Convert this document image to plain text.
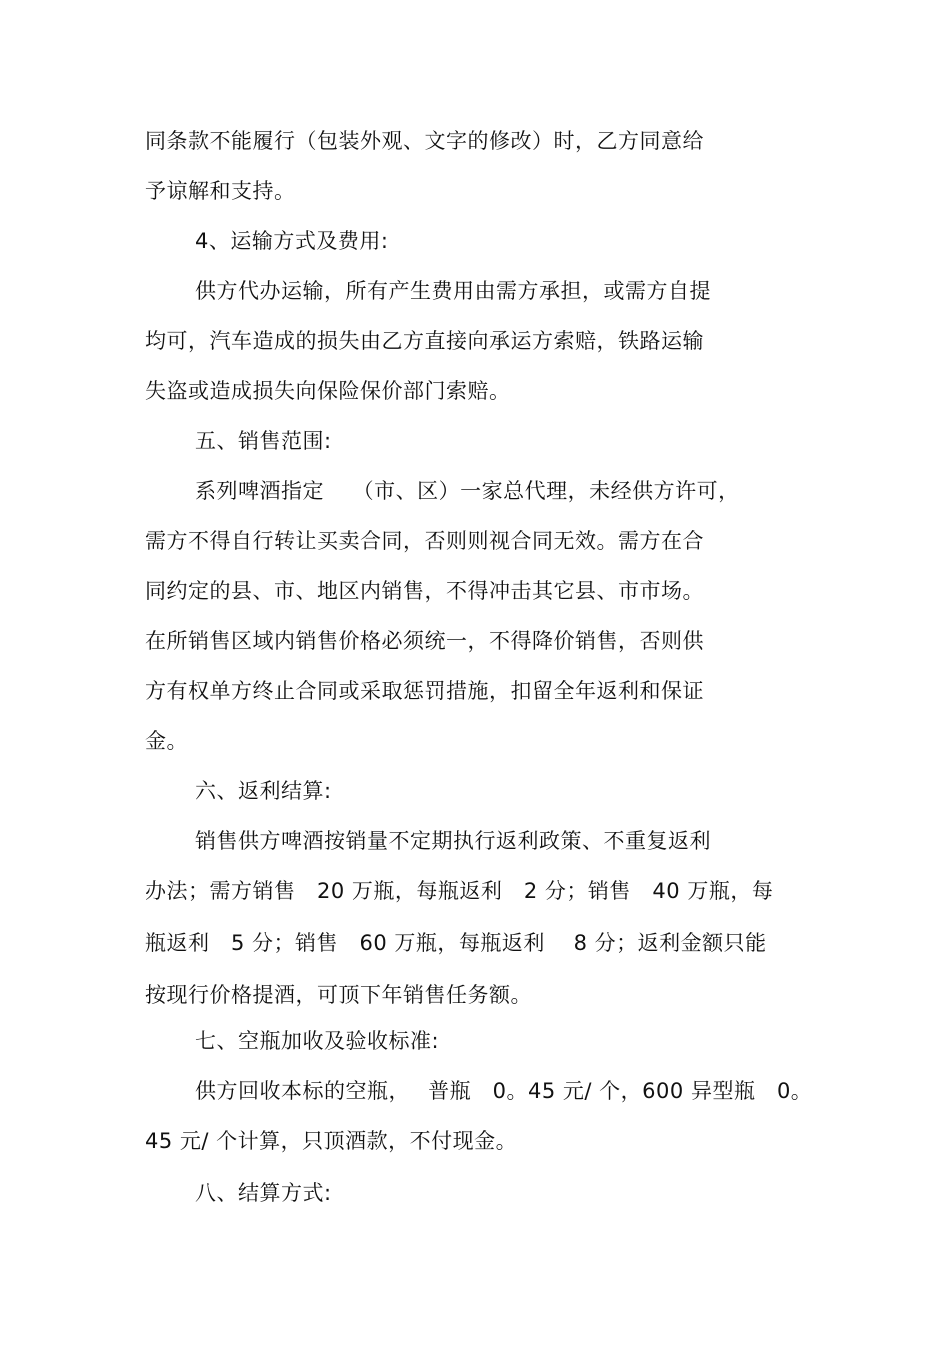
同条款不能履行（包装外观、文字的修改）时，乙方同意给
予谅解和支持。
4、运输方式及费用:
供方代办运输，所有产生费用由需方承担，或需方自提
均可，汽车造成的损失由乙方直接向承运方索赔，铁路运输
失盗或造成损失向保险保价部门索赔。
五、销售范围:
系列啤酒指定　 （市、区）一家总代理，未经供方许可，
需方不得自行转让买卖合同，否则则视合同无效。需方在合
同约定的县、市、地区内销售，不得冲击其它县、市市场。
在所销售区域内销售价格必须统一，不得降价销售，否则供
方有权单方终止合同或采取惩罚措施，扣留全年返利和保证
金。
六、返利结算:
销售供方啤酒按销量不定期执行返利政策、不重复返利
办法；需方销售　20 万瓶，每瓶返利　2 分；销售　40 万瓶，每
瓶返利　5 分；销售　60 万瓶，每瓶返利　 8 分；返利金额只能
按现行价格提酒，可顶下年销售任务额。
七、空瓶加收及验收标准:
供方回收本标的空瓶，　 普瓶　0。45 元/ 个，600 异型瓶　0。
45 元/ 个计算，只顶酒款，不付现金。
八、结算方式:
